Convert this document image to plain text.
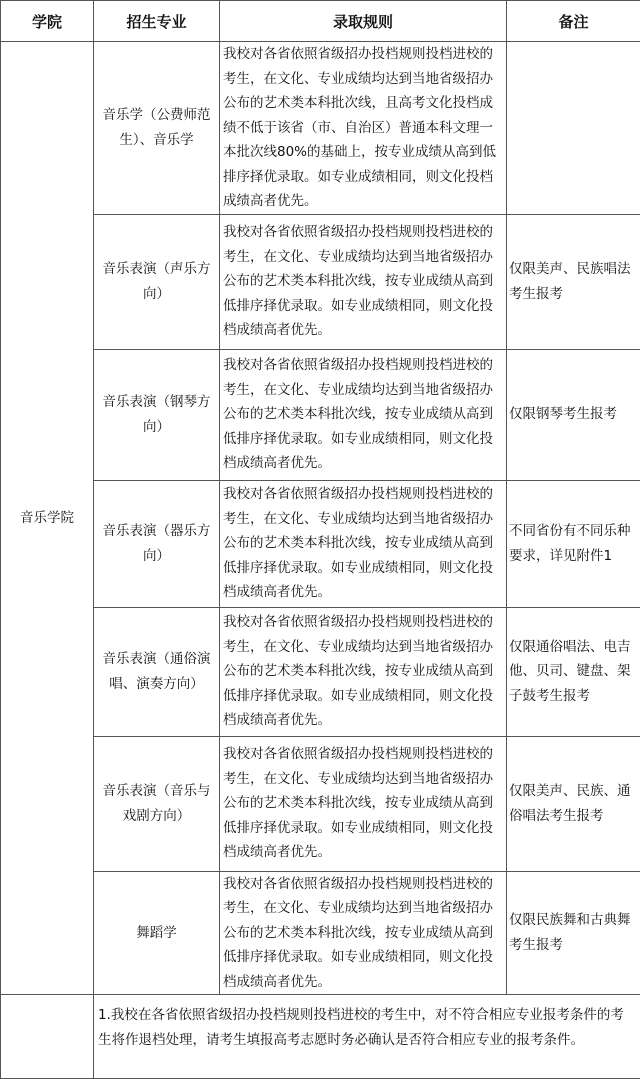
学院	招生专业	录取规则	备注
音乐学院	音乐学（公费师范生）、音乐学	我校对各省依照省级招办投档规则投档进校的考生，在文化、专业成绩均达到当地省级招办公布的艺术类本科批次线，且高考文化投档成绩不低于该省（市、自治区）普通本科文理一本批次线80%的基础上，按专业成绩从高到低排序择优录取。如专业成绩相同，则文化投档成绩高者优先。	
	音乐表演（声乐方向）	我校对各省依照省级招办投档规则投档进校的考生，在文化、专业成绩均达到当地省级招办公布的艺术类本科批次线，按专业成绩从高到低排序择优录取。如专业成绩相同，则文化投档成绩高者优先。	仅限美声、民族唱法考生报考
	音乐表演（钢琴方向）	我校对各省依照省级招办投档规则投档进校的考生，在文化、专业成绩均达到当地省级招办公布的艺术类本科批次线，按专业成绩从高到低排序择优录取。如专业成绩相同，则文化投档成绩高者优先。	仅限钢琴考生报考
	音乐表演（器乐方向）	我校对各省依照省级招办投档规则投档进校的考生，在文化、专业成绩均达到当地省级招办公布的艺术类本科批次线，按专业成绩从高到低排序择优录取。如专业成绩相同，则文化投档成绩高者优先。	不同省份有不同乐种要求，详见附件1
	音乐表演（通俗演唱、演奏方向）	我校对各省依照省级招办投档规则投档进校的考生，在文化、专业成绩均达到当地省级招办公布的艺术类本科批次线，按专业成绩从高到低排序择优录取。如专业成绩相同，则文化投档成绩高者优先。	仅限通俗唱法、电吉他、贝司、键盘、架子鼓考生报考
	音乐表演（音乐与戏剧方向）	我校对各省依照省级招办投档规则投档进校的考生，在文化、专业成绩均达到当地省级招办公布的艺术类本科批次线，按专业成绩从高到低排序择优录取。如专业成绩相同，则文化投档成绩高者优先。	仅限美声、民族、通俗唱法考生报考
	舞蹈学	我校对各省依照省级招办投档规则投档进校的考生，在文化、专业成绩均达到当地省级招办公布的艺术类本科批次线，按专业成绩从高到低排序择优录取。如专业成绩相同，则文化投档成绩高者优先。	仅限民族舞和古典舞考生报考
	1.我校在各省依照省级招办投档规则投档进校的考生中，对不符合相应专业报考条件的考生将作退档处理，请考生填报高考志愿时务必确认是否符合相应专业的报考条件。		
